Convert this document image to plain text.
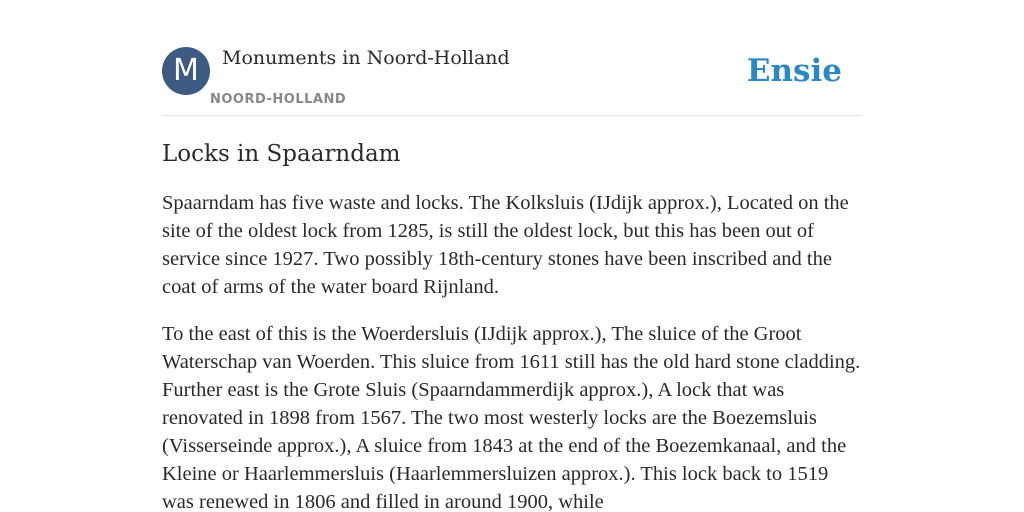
M	Monuments in Noord-Holland
NOORD-HOLLAND
Ensie
Locks in Spaarndam

Spaarndam has five waste and locks. The Kolksluis (IJdijk approx.), Located on the site of the oldest lock from 1285, is still the oldest lock, but this has been out of service since 1927. Two possibly 18th-century stones have been inscribed and the coat of arms of the water board Rijnland.

To the east of this is the Woerdersluis (IJdijk approx.), The sluice of the Groot Waterschap van Woerden. This sluice from 1611 still has the old hard stone cladding. Further east is the Grote Sluis (Spaarndammerdijk approx.), A lock that was renovated in 1898 from 1567. The two most westerly locks are the Boezemsluis (Visserseinde approx.), A sluice from 1843 at the end of the Boezemkanaal, and the Kleine or Haarlemmersluis (Haarlemmersluizen approx.). This lock back to 1519 was renewed in 1806 and filled in around 1900, while
